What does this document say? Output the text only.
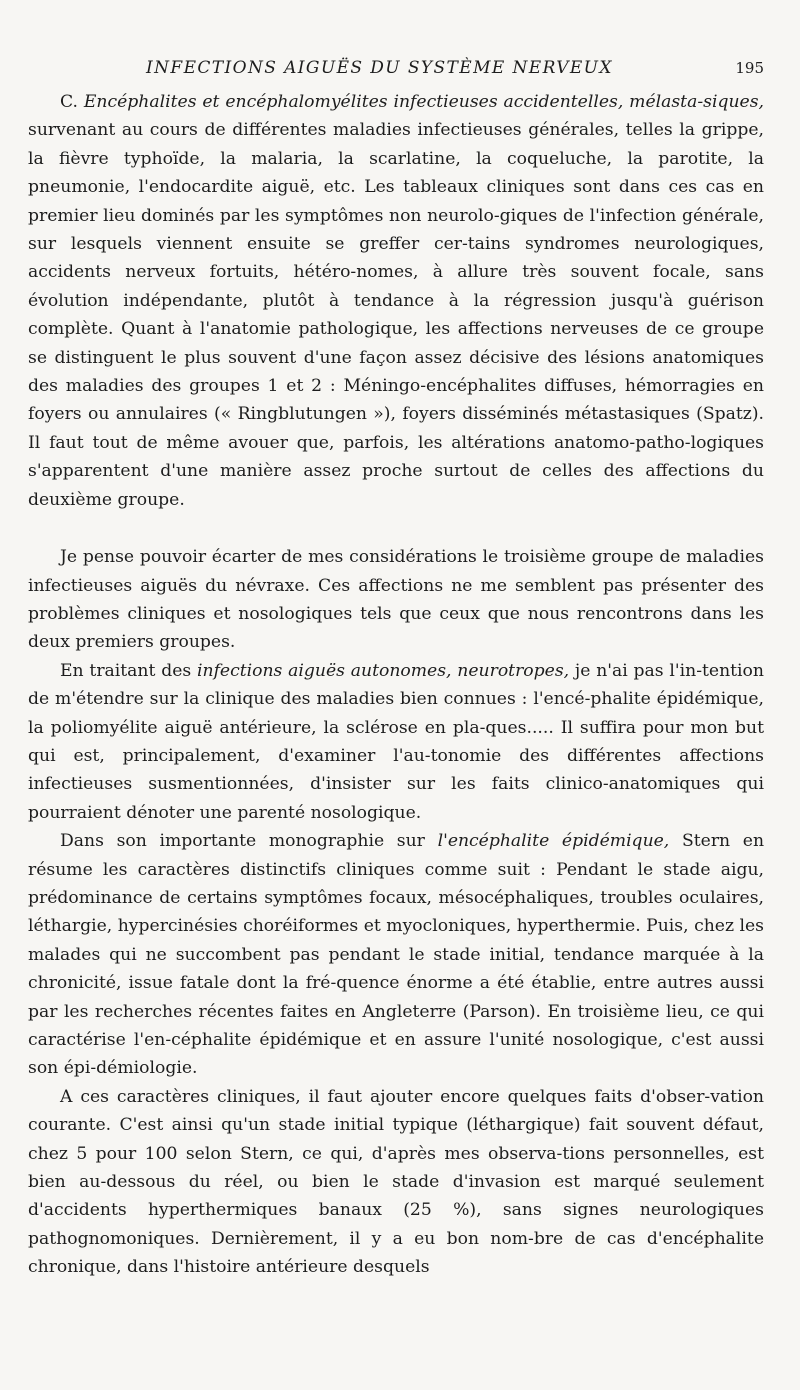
INFECTIONS AIGUËS DU SYSTÈME NERVEUX	195

C. Encéphalites et encéphalomyélites infectieuses accidentelles, mélasta-siques, survenant au cours de différentes maladies infectieuses générales, telles la grippe, la fièvre typhoïde, la malaria, la scarlatine, la coqueluche, la parotite, la pneumonie, l'endocardite aiguë, etc. Les tableaux cliniques sont dans ces cas en premier lieu dominés par les symptômes non neurolo-giques de l'infection générale, sur lesquels viennent ensuite se greffer cer-tains syndromes neurologiques, accidents nerveux fortuits, hétéro-nomes, à allure très souvent focale, sans évolution indépendante, plutôt à tendance à la régression jusqu'à guérison complète. Quant à l'anatomie pathologique, les affections nerveuses de ce groupe se distinguent le plus souvent d'une façon assez décisive des lésions anatomiques des maladies des groupes 1 et 2 : Méningo-encéphalites diffuses, hémorragies en foyers ou annulaires (« Ringblutungen »), foyers disséminés métastasiques (Spatz). Il faut tout de même avouer que, parfois, les altérations anatomo-patho-logiques s'apparentent d'une manière assez proche surtout de celles des affections du deuxième groupe.

Je pense pouvoir écarter de mes considérations le troisième groupe de maladies infectieuses aiguës du névraxe. Ces affections ne me semblent pas présenter des problèmes cliniques et nosologiques tels que ceux que nous rencontrons dans les deux premiers groupes.

En traitant des infections aiguës autonomes, neurotropes, je n'ai pas l'in-tention de m'étendre sur la clinique des maladies bien connues : l'encé-phalite épidémique, la poliomyélite aiguë antérieure, la sclérose en pla-ques..... Il suffira pour mon but qui est, principalement, d'examiner l'au-tonomie des différentes affections infectieuses susmentionnées, d'insister sur les faits clinico-anatomiques qui pourraient dénoter une parenté nosologique.

Dans son importante monographie sur l'encéphalite épidémique, Stern en résume les caractères distinctifs cliniques comme suit : Pendant le stade aigu, prédominance de certains symptômes focaux, mésocéphaliques, troubles oculaires, léthargie, hypercinésies choréiformes et myocloniques, hyperthermie. Puis, chez les malades qui ne succombent pas pendant le stade initial, tendance marquée à la chronicité, issue fatale dont la fré-quence énorme a été établie, entre autres aussi par les recherches récentes faites en Angleterre (Parson). En troisième lieu, ce qui caractérise l'en-céphalite épidémique et en assure l'unité nosologique, c'est aussi son épi-démiologie.

A ces caractères cliniques, il faut ajouter encore quelques faits d'obser-vation courante. C'est ainsi qu'un stade initial typique (léthargique) fait souvent défaut, chez 5 pour 100 selon Stern, ce qui, d'après mes observa-tions personnelles, est bien au-dessous du réel, ou bien le stade d'invasion est marqué seulement d'accidents hyperthermiques banaux (25 %), sans signes neurologiques pathognomoniques. Dernièrement, il y a eu bon nom-bre de cas d'encéphalite chronique, dans l'histoire antérieure desquels
